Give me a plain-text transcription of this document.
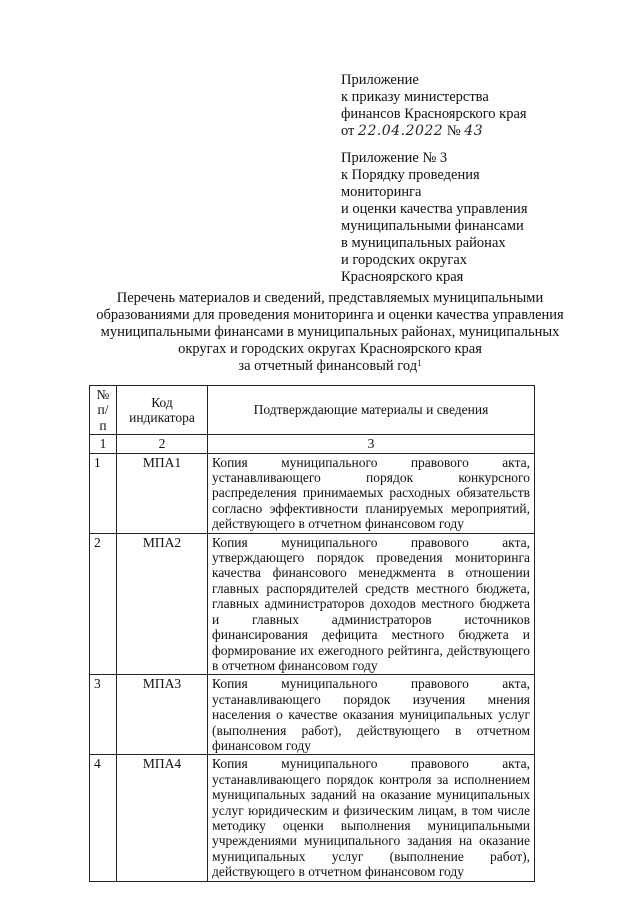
Приложение
к приказу министерства
финансов Красноярского края
от 22.04.2022 № 43
Приложение № 3
к Порядку проведения
мониторинга
и оценки качества управления
муниципальными финансами
в муниципальных районах
и городских округах
Красноярского края
Перечень материалов и сведений, представляемых муниципальными
образованиями для проведения мониторинга и оценки качества управления
муниципальными финансами в муниципальных районах, муниципальных
округах и городских округах Красноярского края
за отчетный финансовый год$^1$
№ п/п	Код индикатора	Подтверждающие материалы и сведения
1	2	3
1	МПА1	Копия муниципального правового акта, устанавливающего порядок конкурсного распределения принимаемых расходных обязательств согласно эффективности планируемых мероприятий, действующего в отчетном финансовом году
2	МПА2	Копия муниципального правового акта, утверждающего порядок проведения мониторинга качества финансового менеджмента в отношении главных распорядителей средств местного бюджета, главных администраторов доходов местного бюджета и главных администраторов источников финансирования дефицита местного бюджета и формирование их ежегодного рейтинга, действующего в отчетном финансовом году
3	МПА3	Копия муниципального правового акта, устанавливающего порядок изучения мнения населения о качестве оказания муниципальных услуг (выполнения работ), действующего в отчетном финансовом году
4	МПА4	Копия муниципального правового акта, устанавливающего порядок контроля за исполнением муниципальных заданий на оказание муниципальных услуг юридическим и физическим лицам, в том числе методику оценки выполнения муниципальными учреждениями муниципального задания на оказание муниципальных услуг (выполнение работ), действующего в отчетном финансовом году
